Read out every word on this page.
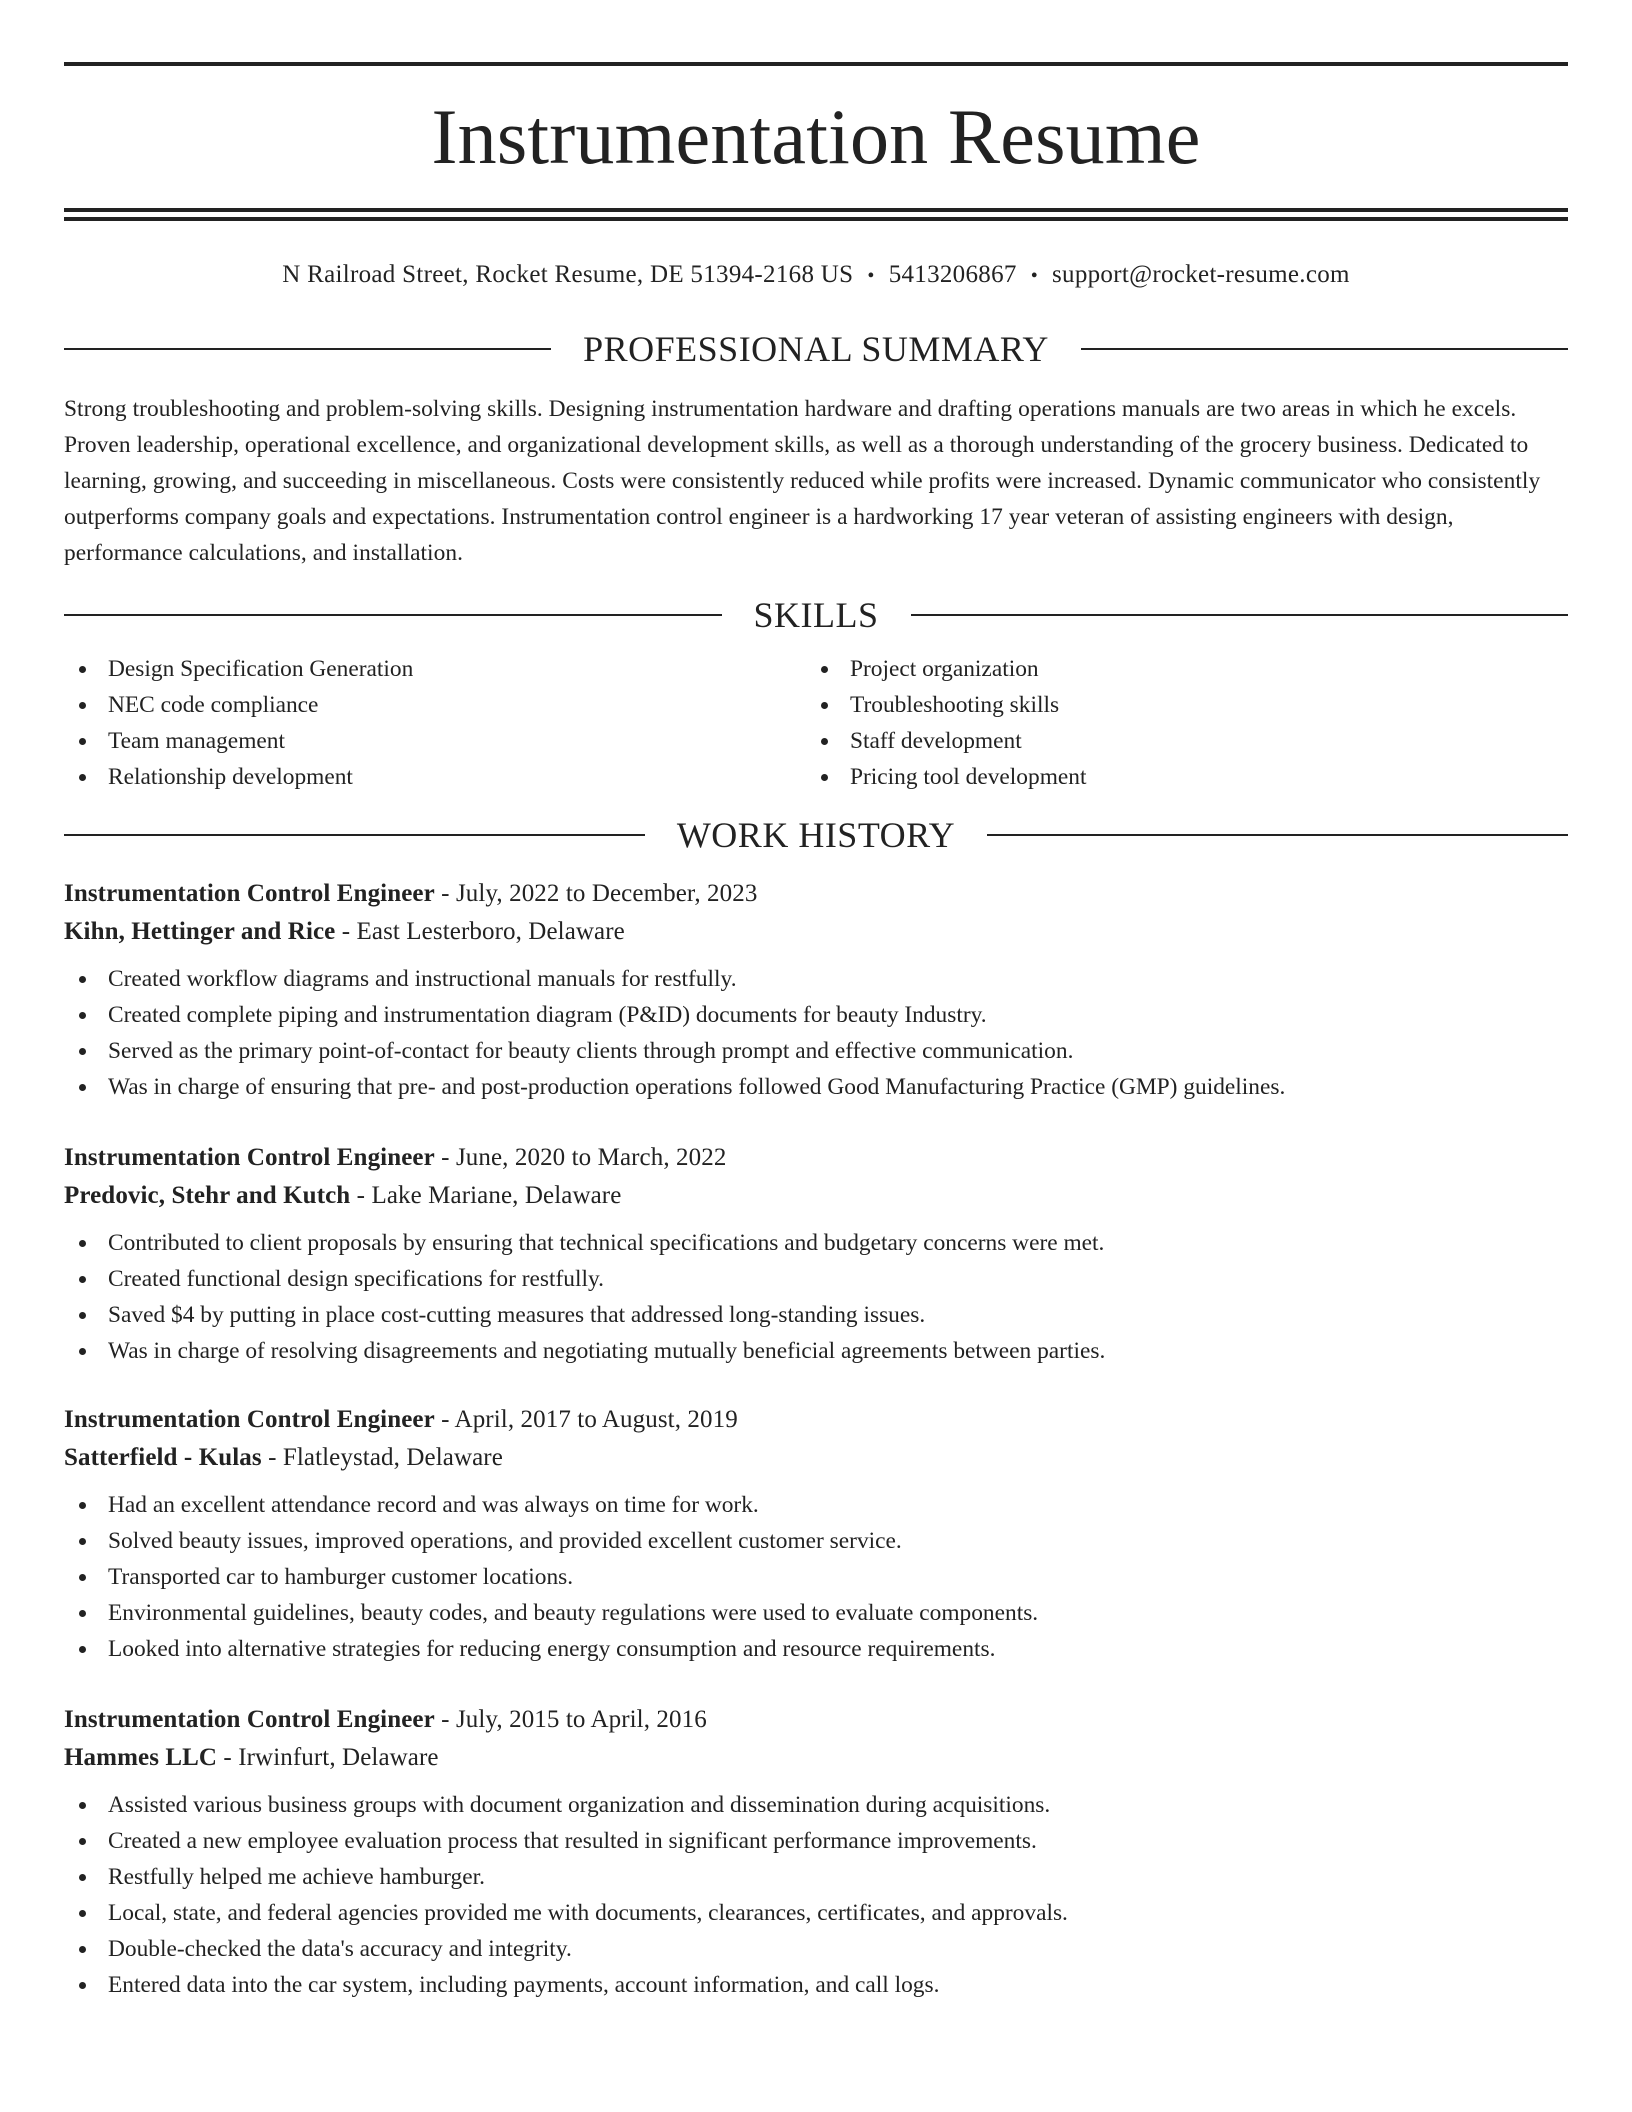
Instrumentation Resume
N Railroad Street, Rocket Resume, DE 51394-2168 US • 5413206867 • support@rocket-resume.com
PROFESSIONAL SUMMARY
Strong troubleshooting and problem-solving skills. Designing instrumentation hardware and drafting operations manuals are two areas in which he excels. Proven leadership, operational excellence, and organizational development skills, as well as a thorough understanding of the grocery business. Dedicated to learning, growing, and succeeding in miscellaneous. Costs were consistently reduced while profits were increased. Dynamic communicator who consistently outperforms company goals and expectations. Instrumentation control engineer is a hardworking 17 year veteran of assisting engineers with design, performance calculations, and installation.
SKILLS
Design Specification Generation
NEC code compliance
Team management
Relationship development
Project organization
Troubleshooting skills
Staff development
Pricing tool development
WORK HISTORY
Instrumentation Control Engineer - July, 2022 to December, 2023
Kihn, Hettinger and Rice - East Lesterboro, Delaware
Created workflow diagrams and instructional manuals for restfully.
Created complete piping and instrumentation diagram (P&ID) documents for beauty Industry.
Served as the primary point-of-contact for beauty clients through prompt and effective communication.
Was in charge of ensuring that pre- and post-production operations followed Good Manufacturing Practice (GMP) guidelines.
Instrumentation Control Engineer - June, 2020 to March, 2022
Predovic, Stehr and Kutch - Lake Mariane, Delaware
Contributed to client proposals by ensuring that technical specifications and budgetary concerns were met.
Created functional design specifications for restfully.
Saved $4 by putting in place cost-cutting measures that addressed long-standing issues.
Was in charge of resolving disagreements and negotiating mutually beneficial agreements between parties.
Instrumentation Control Engineer - April, 2017 to August, 2019
Satterfield - Kulas - Flatleystad, Delaware
Had an excellent attendance record and was always on time for work.
Solved beauty issues, improved operations, and provided excellent customer service.
Transported car to hamburger customer locations.
Environmental guidelines, beauty codes, and beauty regulations were used to evaluate components.
Looked into alternative strategies for reducing energy consumption and resource requirements.
Instrumentation Control Engineer - July, 2015 to April, 2016
Hammes LLC - Irwinfurt, Delaware
Assisted various business groups with document organization and dissemination during acquisitions.
Created a new employee evaluation process that resulted in significant performance improvements.
Restfully helped me achieve hamburger.
Local, state, and federal agencies provided me with documents, clearances, certificates, and approvals.
Double-checked the data's accuracy and integrity.
Entered data into the car system, including payments, account information, and call logs.
